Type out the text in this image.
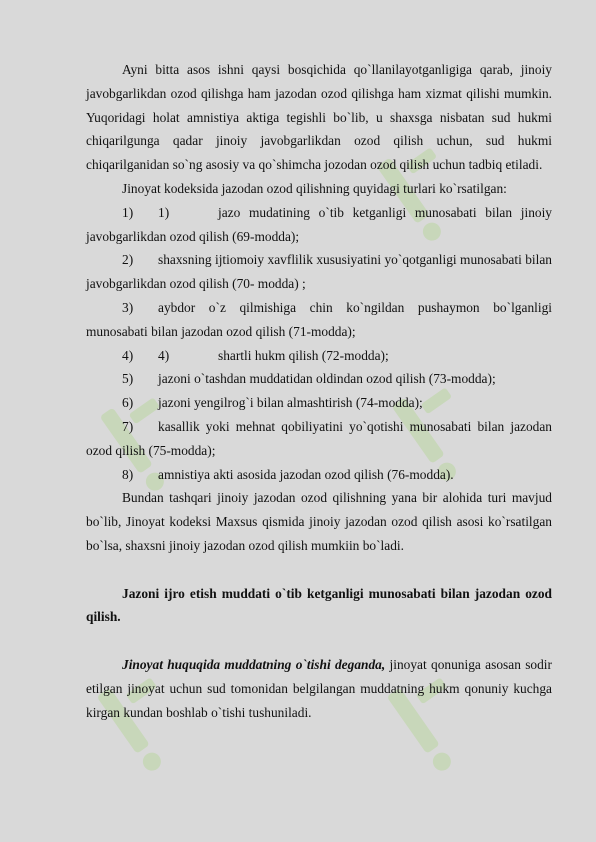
Ayni bitta asos ishni qaysi bosqichida qo`llanilayotganligiga qarab, jinoiy javobgarlikdan ozod qilishga ham jazodan ozod qilishga ham xizmat qilishi mumkin. Yuqoridagi holat amnistiya aktiga tegishli bo`lib, u shaxsga nisbatan sud hukmi chiqarilgunga qadar jinoiy javobgarlikdan ozod qilish uchun, sud hukmi chiqarilganidan so`ng asosiy va qo`shimcha jozodan ozod qilish uchun tadbiq etiladi.

Jinoyat kodeksida jazodan ozod qilishning quyidagi turlari ko`rsatilgan:

1) 1)	jazo mudatining o`tib ketganligi munosabati bilan jinoiy javobgarlikdan ozod qilish (69-modda);

2) shaxsning ijtiomoiy xavflilik xususiyatini yo`qotganligi munosabati bilan javobgarlikdan ozod qilish (70- modda) ;

3) aybdor o`z qilmishiga chin ko`ngildan pushaymon bo`lganligi munosabati bilan jazodan ozod qilish (71-modda);

4) 4)	shartli hukm qilish (72-modda);

5) jazoni o`tashdan muddatidan oldindan ozod qilish (73-modda);

6) jazoni yengilrog`i bilan almashtirish (74-modda);

7) kasallik yoki mehnat qobiliyatini yo`qotishi munosabati bilan jazodan ozod qilish (75-modda);

8) amnistiya akti asosida jazodan ozod qilish (76-modda).

Bundan tashqari jinoiy jazodan ozod qilishning yana bir alohida turi mavjud bo`lib, Jinoyat kodeksi Maxsus qismida jinoiy jazodan ozod qilish asosi ko`rsatilgan bo`lsa, shaxsni jinoiy jazodan ozod qilish mumkiin bo`ladi.

Jazoni ijro etish muddati o`tib ketganligi munosabati bilan jazodan ozod qilish.

Jinoyat huquqida muddatning o`tishi deganda, jinoyat qonuniga asosan sodir etilgan jinoyat uchun sud tomonidan belgilangan muddatning hukm qonuniy kuchga kirgan kundan boshlab o`tishi tushuniladi.
